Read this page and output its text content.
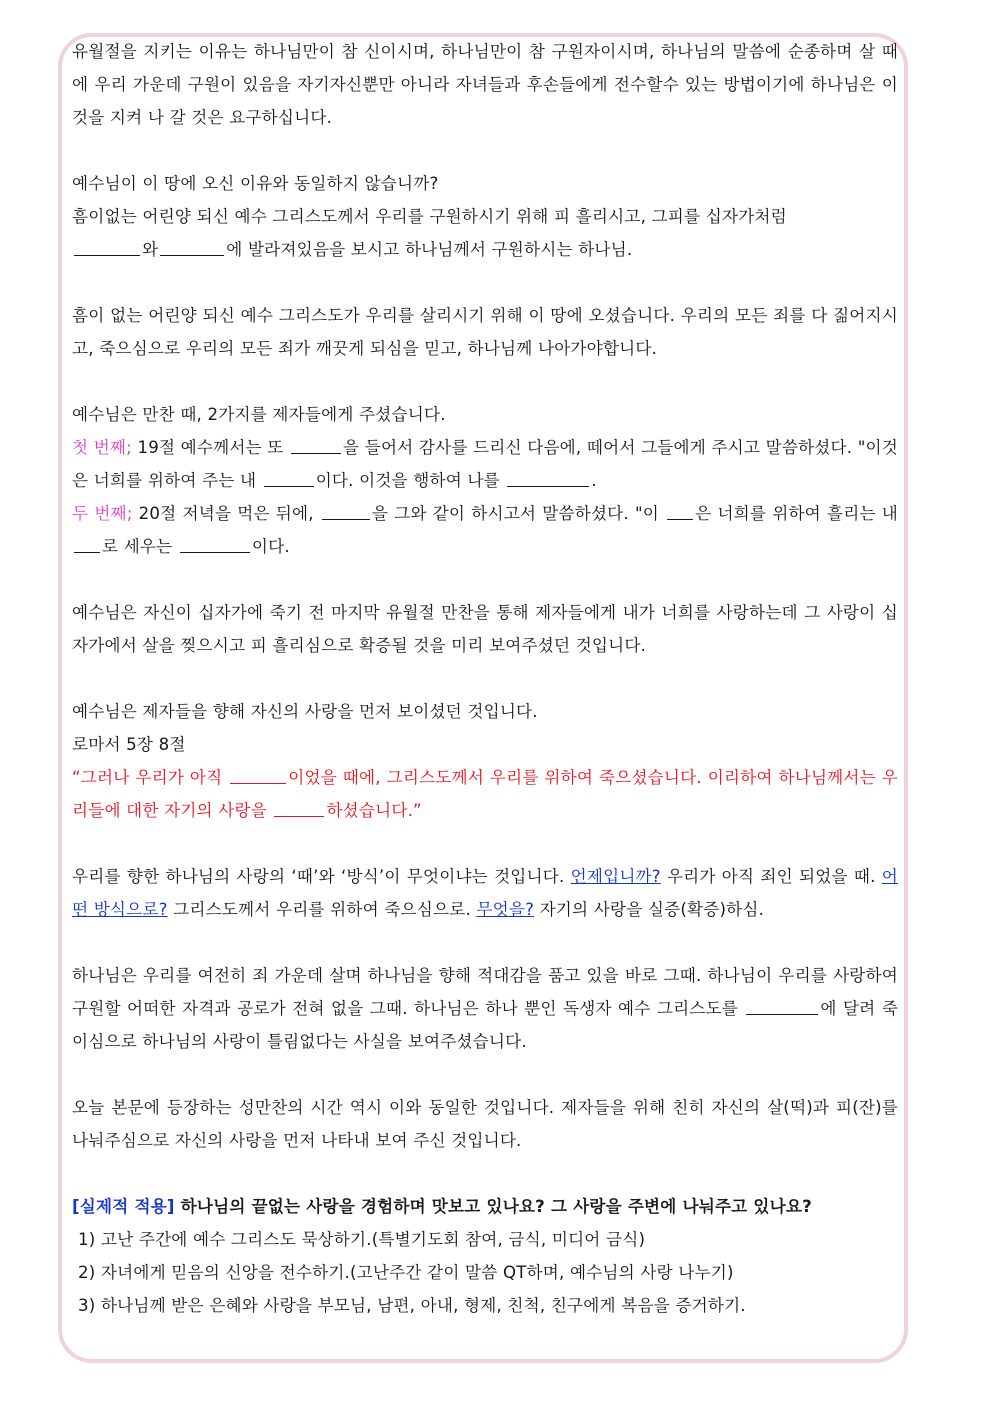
유월절을 지키는 이유는 하나님만이 참 신이시며, 하나님만이 참 구원자이시며, 하나님의 말씀에 순종하며 살 때에 우리 가운데 구원이 있음을 자기자신뿐만 아니라 자녀들과 후손들에게 전수할수 있는 방법이기에 하나님은 이것을 지켜 나 갈 것은 요구하십니다.

예수님이 이 땅에 오신 이유와 동일하지 않습니까?

흠이없는 어린양 되신 예수 그리스도께서 우리를 구원하시기 위해 피 흘리시고, 그피를 십자가처럼
와	에 발라져있음을 보시고 하나님께서 구원하시는 하나님.

흠이 없는 어린양 되신 예수 그리스도가 우리를 살리시기 위해 이 땅에 오셨습니다. 우리의 모든 죄를 다 짊어지시고, 죽으심으로 우리의 모든 죄가 깨끗게 되심을 믿고, 하나님께 나아가야합니다.

예수님은 만찬 때, 2가지를 제자들에게 주셨습니다.

첫 번째; 19절 예수께서는 또	을 들어서 감사를 드리신 다음에, 떼어서 그들에게 주시고 말씀하셨다. "이것은 너희를 위하여 주는 내	이다. 이것을 행하여 나를	.

두 번째; 20절 저녁을 먹은 뒤에,	을 그와 같이 하시고서 말씀하셨다. "이 은 너희를 위하여 흘리는 내 로 세우는	이다.

예수님은 자신이 십자가에 죽기 전 마지막 유월절 만찬을 통해 제자들에게 내가 너희를 사랑하는데 그 사랑이 십자가에서 살을 찢으시고 피 흘리심으로 확증될 것을 미리 보여주셨던 것입니다.

예수님은 제자들을 향해 자신의 사랑을 먼저 보이셨던 것입니다.

로마서 5장 8절

“그러나 우리가 아직	이었을 때에, 그리스도께서 우리를 위하여 죽으셨습니다. 이리하여 하나님께서는 우리들에 대한 자기의 사랑을	하셨습니다.”

우리를 향한 하나님의 사랑의 ‘때’와 ‘방식’이 무엇이냐는 것입니다. 언제입니까? 우리가 아직 죄인 되었을 때. 어떤 방식으로? 그리스도께서 우리를 위하여 죽으심으로. 무엇을? 자기의 사랑을 실증(확증)하심.

하나님은 우리를 여전히 죄 가운데 살며 하나님을 향해 적대감을 품고 있을 바로 그때. 하나님이 우리를 사랑하여 구원할 어떠한 자격과 공로가 전혀 없을 그때. 하나님은 하나 뿐인 독생자 예수 그리스도를	에 달려 죽이심으로 하나님의 사랑이 틀림없다는 사실을 보여주셨습니다.

오늘 본문에 등장하는 성만찬의 시간 역시 이와 동일한 것입니다. 제자들을 위해 친히 자신의 살(떡)과 피(잔)를 나눠주심으로 자신의 사랑을 먼저 나타내 보여 주신 것입니다.

[실제적 적용] 하나님의 끝없는 사랑을 경험하며 맛보고 있나요? 그 사랑을 주변에 나눠주고 있나요?

1) 고난 주간에 예수 그리스도 묵상하기.(특별기도회 참여, 금식, 미디어 금식)

2) 자녀에게 믿음의 신앙을 전수하기.(고난주간 같이 말씀 QT하며, 예수님의 사랑 나누기)

3) 하나님께 받은 은혜와 사랑을 부모님, 남편, 아내, 형제, 친척, 친구에게 복음을 증거하기.
